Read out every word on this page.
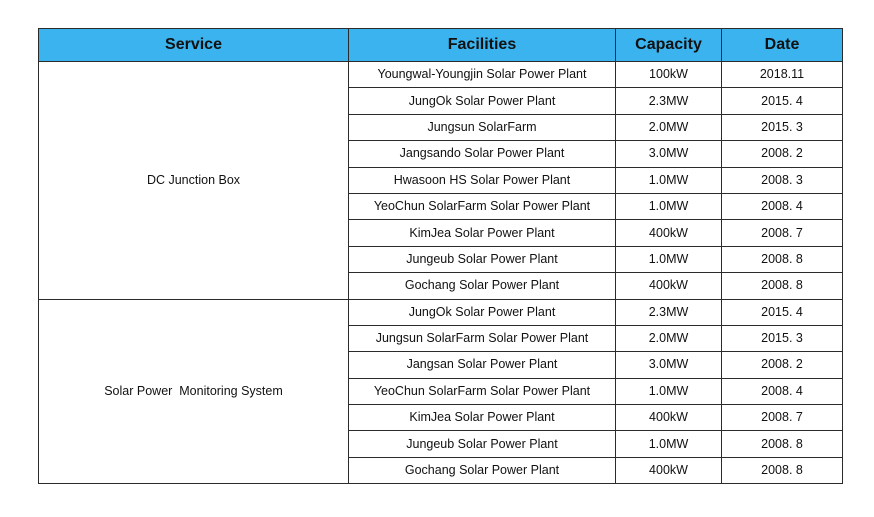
Service	Facilities	Capacity	Date
DC Junction Box	Youngwal-Youngjin Solar Power Plant	100kW	2018.11
	JungOk Solar Power Plant	2.3MW	2015. 4
	Jungsun SolarFarm	2.0MW	2015. 3
	Jangsando Solar Power Plant	3.0MW	2008. 2
	Hwasoon HS Solar Power Plant	1.0MW	2008. 3
	YeoChun SolarFarm Solar Power Plant	1.0MW	2008. 4
	KimJea Solar Power Plant	400kW	2008. 7
	Jungeub Solar Power Plant	1.0MW	2008. 8
	Gochang Solar Power Plant	400kW	2008. 8
Solar Power  Monitoring System	JungOk Solar Power Plant	2.3MW	2015. 4
	Jungsun SolarFarm Solar Power Plant	2.0MW	2015. 3
	Jangsan Solar Power Plant	3.0MW	2008. 2
	YeoChun SolarFarm Solar Power Plant	1.0MW	2008. 4
	KimJea Solar Power Plant	400kW	2008. 7
	Jungeub Solar Power Plant	1.0MW	2008. 8
	Gochang Solar Power Plant	400kW	2008. 8
